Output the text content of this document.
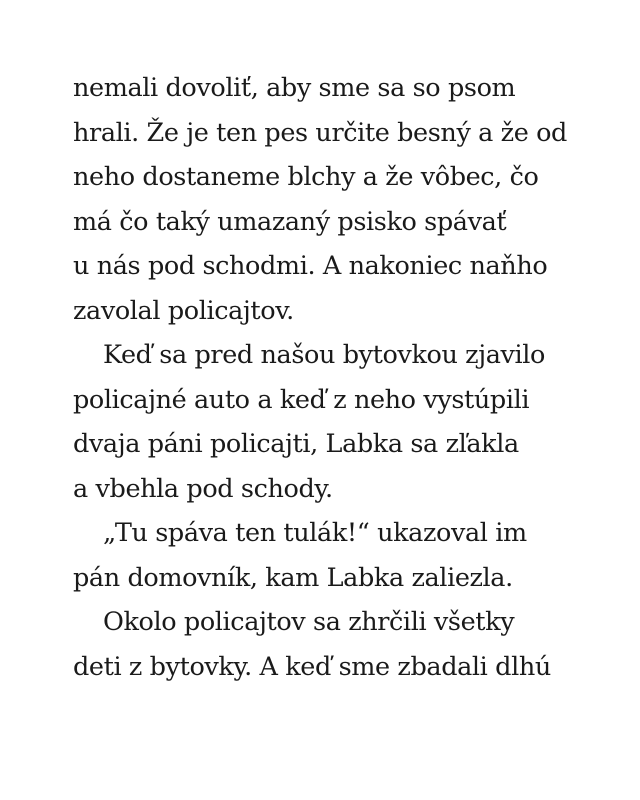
nemali dovoliť, aby sme sa so psom
hrali. Že je ten pes určite besný a že od
neho dostaneme blchy a že vôbec, čo
má čo taký umazaný psisko spávať
u nás pod schodmi. A nakoniec naňho
zavolal policajtov.
Keď sa pred našou bytovkou zjavilo
policajné auto a keď z neho vystúpili
dvaja páni policajti, Labka sa zľakla
a vbehla pod schody.
„Tu spáva ten tulák!“ ukazoval im
pán domovník, kam Labka zaliezla.
Okolo policajtov sa zhrčili všetky
deti z bytovky. A keď sme zbadali dlhú
